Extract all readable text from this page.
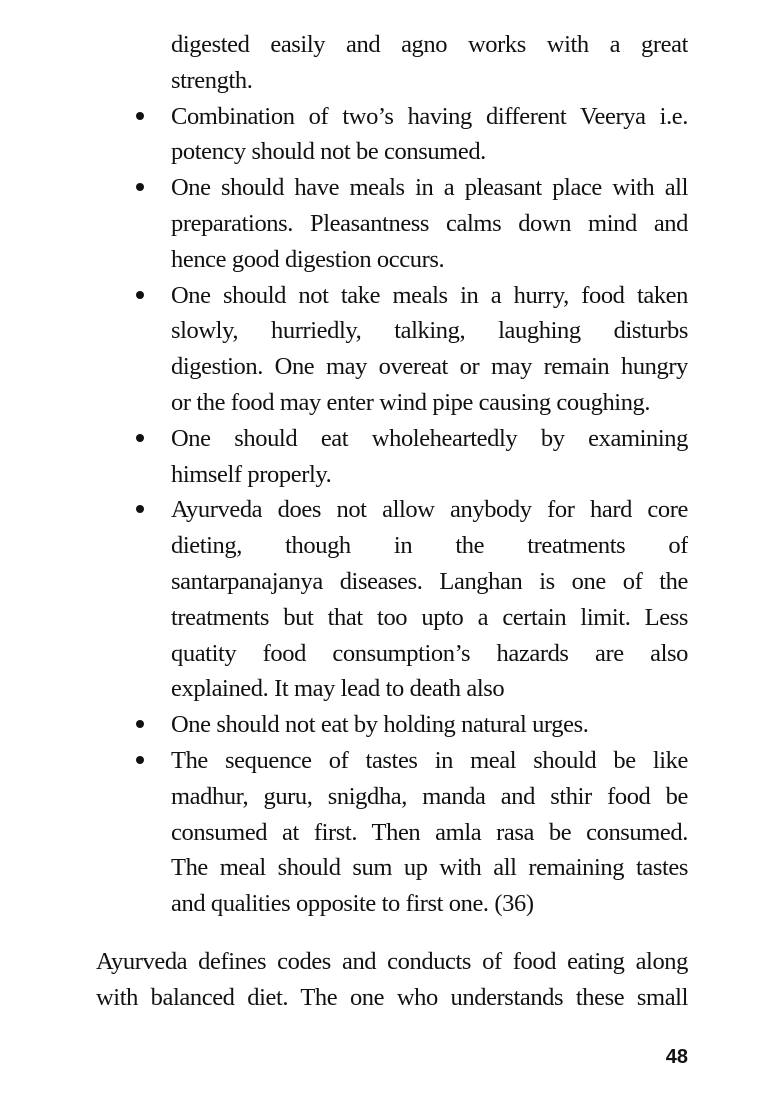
digested easily and agno works with a great
strength.
Combination of two’s having different Veerya i.e.
potency should not be consumed.
One should have meals in a pleasant place with all
preparations. Pleasantness calms down mind and
hence good digestion occurs.
One should not take meals in a hurry, food taken
slowly, hurriedly, talking, laughing disturbs
digestion. One may overeat or may remain hungry
or the food may enter wind pipe causing coughing.
One should eat wholeheartedly by examining
himself properly.
Ayurveda does not allow anybody for hard core
dieting, though in the treatments of
santarpanajanya diseases. Langhan is one of the
treatments but that too upto a certain limit. Less
quatity food consumption’s hazards are also
explained. It may lead to death also
One should not eat by holding natural urges.
The sequence of tastes in meal should be like
madhur, guru, snigdha, manda and sthir food be
consumed at first. Then amla rasa be consumed.
The meal should sum up with all remaining tastes
and qualities opposite to first one. (36)
Ayurveda defines codes and conducts of food eating along
with balanced diet. The one who understands these small
48
